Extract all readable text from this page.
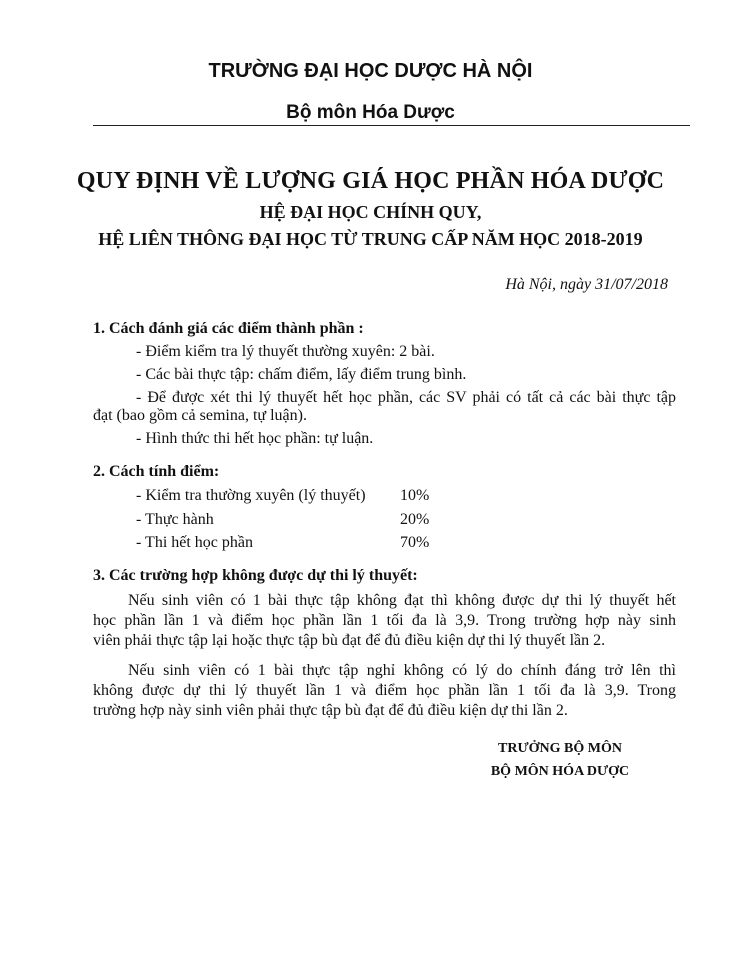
TRƯỜNG ĐẠI HỌC DƯỢC HÀ NỘI
Bộ môn Hóa Dược
QUY ĐỊNH VỀ LƯỢNG GIÁ HỌC PHẦN HÓA DƯỢC
HỆ ĐẠI HỌC CHÍNH QUY,
HỆ LIÊN THÔNG ĐẠI HỌC TỪ TRUNG CẤP NĂM HỌC 2018-2019
Hà Nội, ngày 31/07/2018
1. Cách đánh giá các điểm thành phần :
- Điểm kiểm tra lý thuyết thường xuyên: 2 bài.
- Các bài thực tập: chấm điểm, lấy điểm trung bình.
- Để được xét thi lý thuyết hết học phần, các SV phải có tất cả các bài thực tập
đạt (bao gồm cả semina, tự luận).
- Hình thức thi hết học phần: tự luận.
2. Cách tính điểm:
- Kiểm tra thường xuyên (lý thuyết) 10%
- Thực hành	20%
- Thi hết học phần	70%
3. Các trường hợp không được dự thi lý thuyết:
Nếu sinh viên có 1 bài thực tập không đạt thì không được dự thi lý thuyết hết
học phần lần 1 và điểm học phần lần 1 tối đa là 3,9. Trong trường hợp này sinh
viên phải thực tập lại hoặc thực tập bù đạt để đủ điều kiện dự thi lý thuyết lần 2.
Nếu sinh viên có 1 bài thực tập nghỉ không có lý do chính đáng trở lên thì
không được dự thi lý thuyết lần 1 và điểm học phần lần 1 tối đa là 3,9. Trong
trường hợp này sinh viên phải thực tập bù đạt để đủ điều kiện dự thi lần 2.
TRƯỞNG BỘ MÔN
BỘ MÔN HÓA DƯỢC
